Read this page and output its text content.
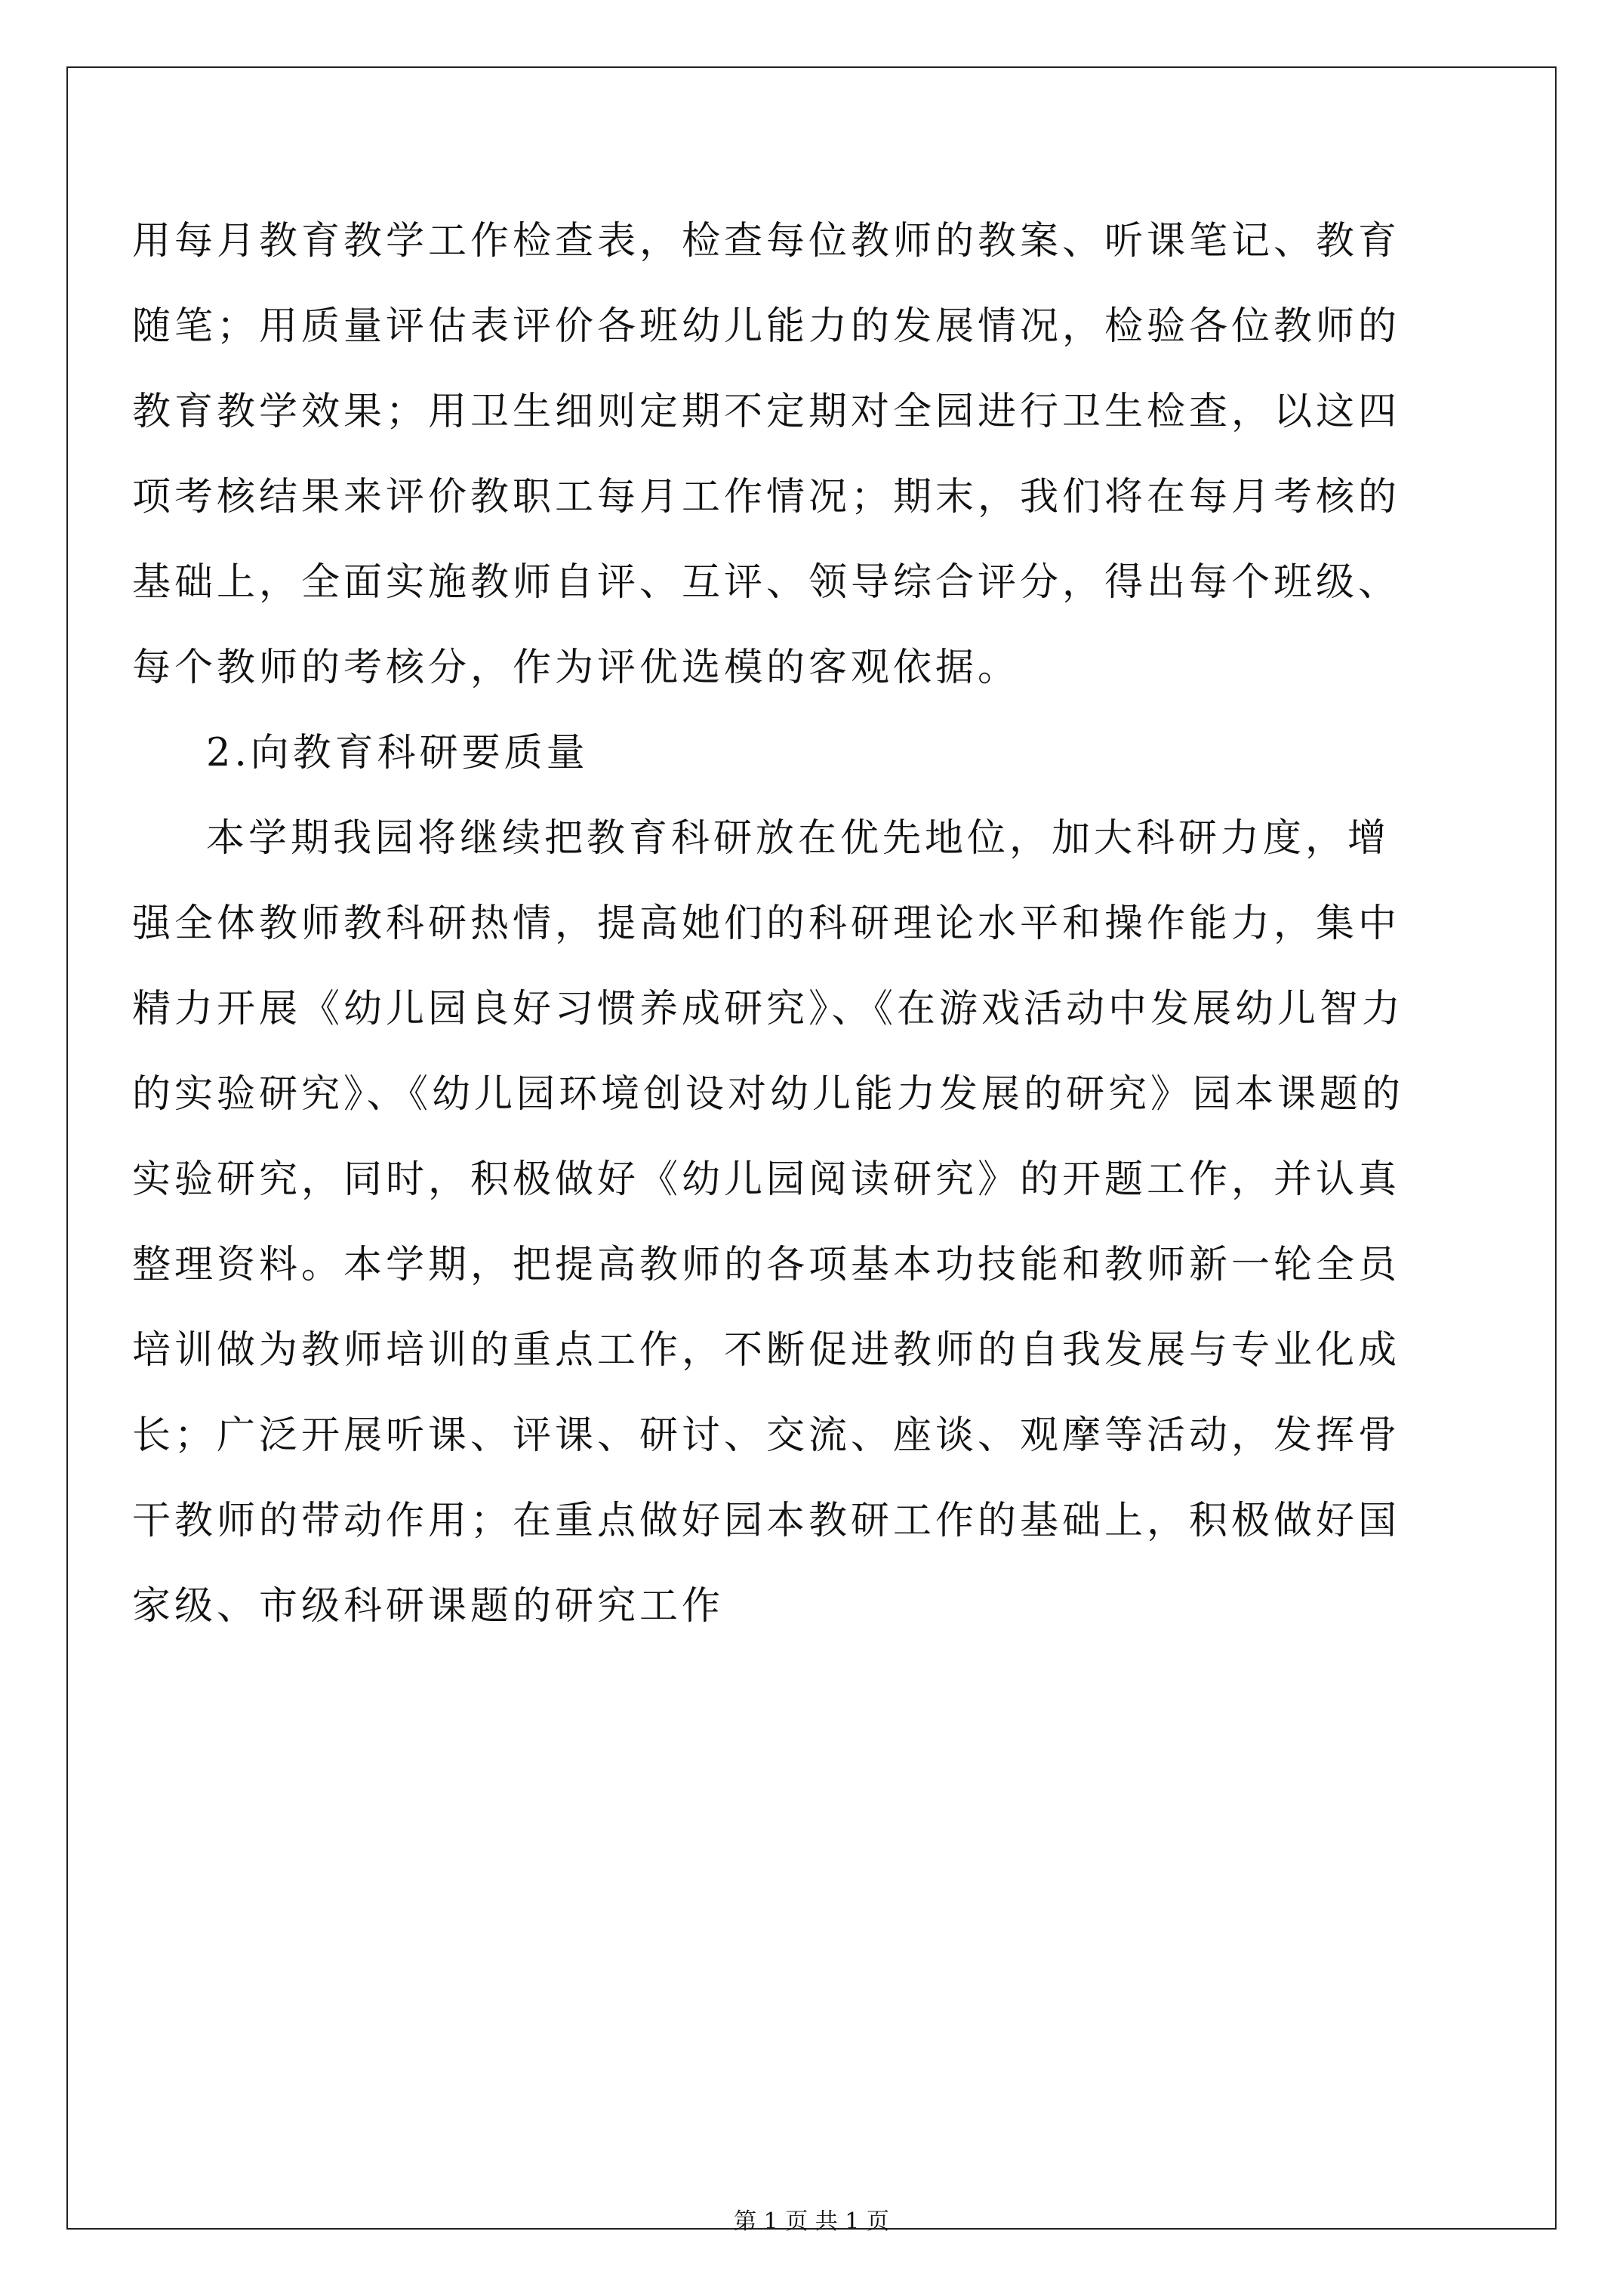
用每月教育教学工作检查表，检查每位教师的教案、听课笔记、教育
随笔；用质量评估表评价各班幼儿能力的发展情况，检验各位教师的
教育教学效果；用卫生细则定期不定期对全园进行卫生检查，以这四
项考核结果来评价教职工每月工作情况；期末，我们将在每月考核的
基础上，全面实施教师自评、互评、领导综合评分，得出每个班级、
每个教师的考核分，作为评优选模的客观依据。
2.向教育科研要质量
本学期我园将继续把教育科研放在优先地位，加大科研力度，增
强全体教师教科研热情，提高她们的科研理论水平和操作能力，集中
精力开展《幼儿园良好习惯养成研究》、《在游戏活动中发展幼儿智力
的实验研究》、《幼儿园环境创设对幼儿能力发展的研究》园本课题的
实验研究，同时，积极做好《幼儿园阅读研究》的开题工作，并认真
整理资料。本学期，把提高教师的各项基本功技能和教师新一轮全员
培训做为教师培训的重点工作，不断促进教师的自我发展与专业化成
长；广泛开展听课、评课、研讨、交流、座谈、观摩等活动，发挥骨
干教师的带动作用；在重点做好园本教研工作的基础上，积极做好国
家级、市级科研课题的研究工作
第 1 页 共 1 页
